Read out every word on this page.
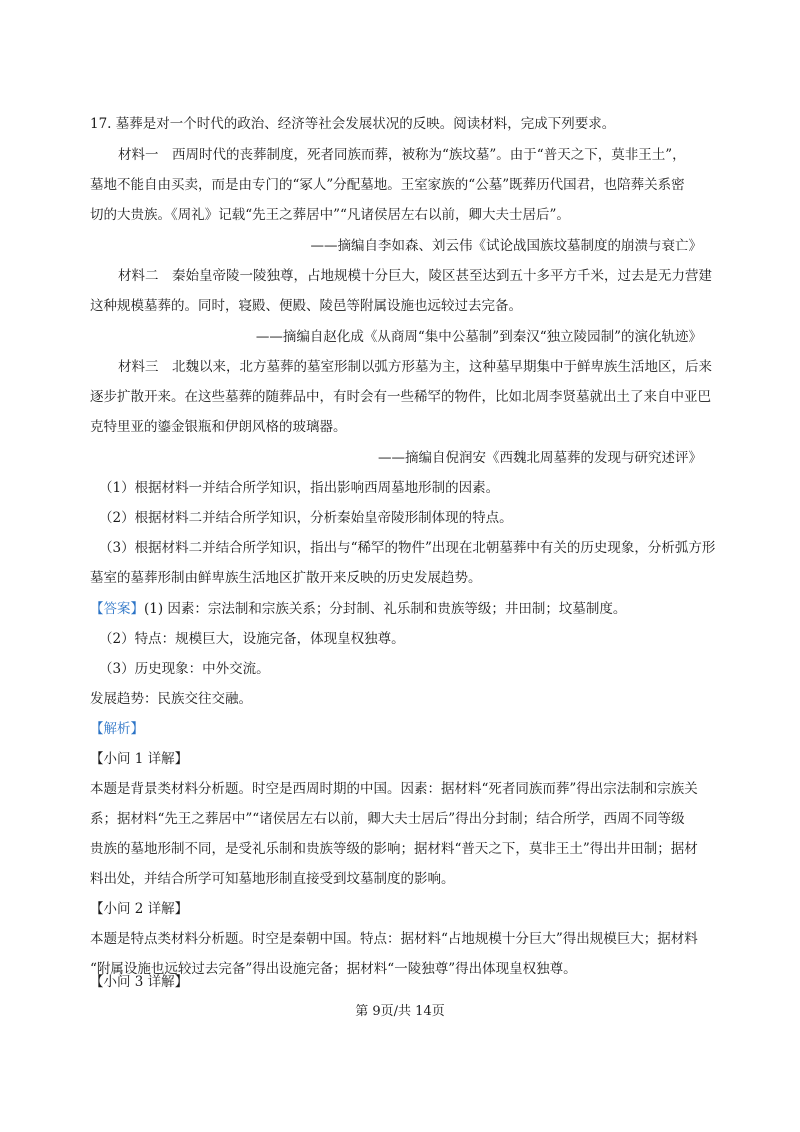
17. 墓葬是对一个时代的政治、经济等社会发展状况的反映。阅读材料，完成下列要求。
材料一　西周时代的丧葬制度，死者同族而葬，被称为“族坟墓”。由于“普天之下，莫非王土”，
墓地不能自由买卖，而是由专门的“冢人”分配墓地。王室家族的“公墓”既葬历代国君，也陪葬关系密
切的大贵族。《周礼》记载“先王之葬居中”“凡诸侯居左右以前，卿大夫士居后”。
——摘编自李如森、刘云伟《试论战国族坟墓制度的崩溃与衰亡》
材料二　秦始皇帝陵一陵独尊，占地规模十分巨大，陵区甚至达到五十多平方千米，过去是无力营建
这种规模墓葬的。同时，寝殿、便殿、陵邑等附属设施也远较过去完备。
——摘编自赵化成《从商周“集中公墓制”到秦汉“独立陵园制”的演化轨迹》
材料三　北魏以来，北方墓葬的墓室形制以弧方形墓为主，这种墓早期集中于鲜卑族生活地区，后来
逐步扩散开来。在这些墓葬的随葬品中，有时会有一些稀罕的物件，比如北周李贤墓就出土了来自中亚巴
克特里亚的鎏金银瓶和伊朗风格的玻璃器。
——摘编自倪润安《西魏北周墓葬的发现与研究述评》
（1）根据材料一并结合所学知识，指出影响西周墓地形制的因素。
（2）根据材料二并结合所学知识，分析秦始皇帝陵形制体现的特点。
（3）根据材料二并结合所学知识，指出与“稀罕的物件”出现在北朝墓葬中有关的历史现象，分析弧方形
墓室的墓葬形制由鲜卑族生活地区扩散开来反映的历史发展趋势。
【答案】(1) 因素：宗法制和宗族关系；分封制、礼乐制和贵族等级；井田制；坟墓制度。
（2）特点：规模巨大，设施完备，体现皇权独尊。
（3）历史现象：中外交流。
发展趋势：民族交往交融。
【解析】
【小问 1 详解】
本题是背景类材料分析题。时空是西周时期的中国。因素：据材料“死者同族而葬”得出宗法制和宗族关
系；据材料“先王之葬居中”“诸侯居左右以前，卿大夫士居后”得出分封制；结合所学，西周不同等级
贵族的墓地形制不同，是受礼乐制和贵族等级的影响；据材料“普天之下，莫非王土”得出井田制；据材
料出处，并结合所学可知墓地形制直接受到坟墓制度的影响。
【小问 2 详解】
本题是特点类材料分析题。时空是秦朝中国。特点：据材料“占地规模十分巨大”得出规模巨大；据材料
“附属设施也远较过去完备”得出设施完备；据材料“一陵独尊”得出体现皇权独尊。
【小问 3 详解】
第 9页/共 14页
